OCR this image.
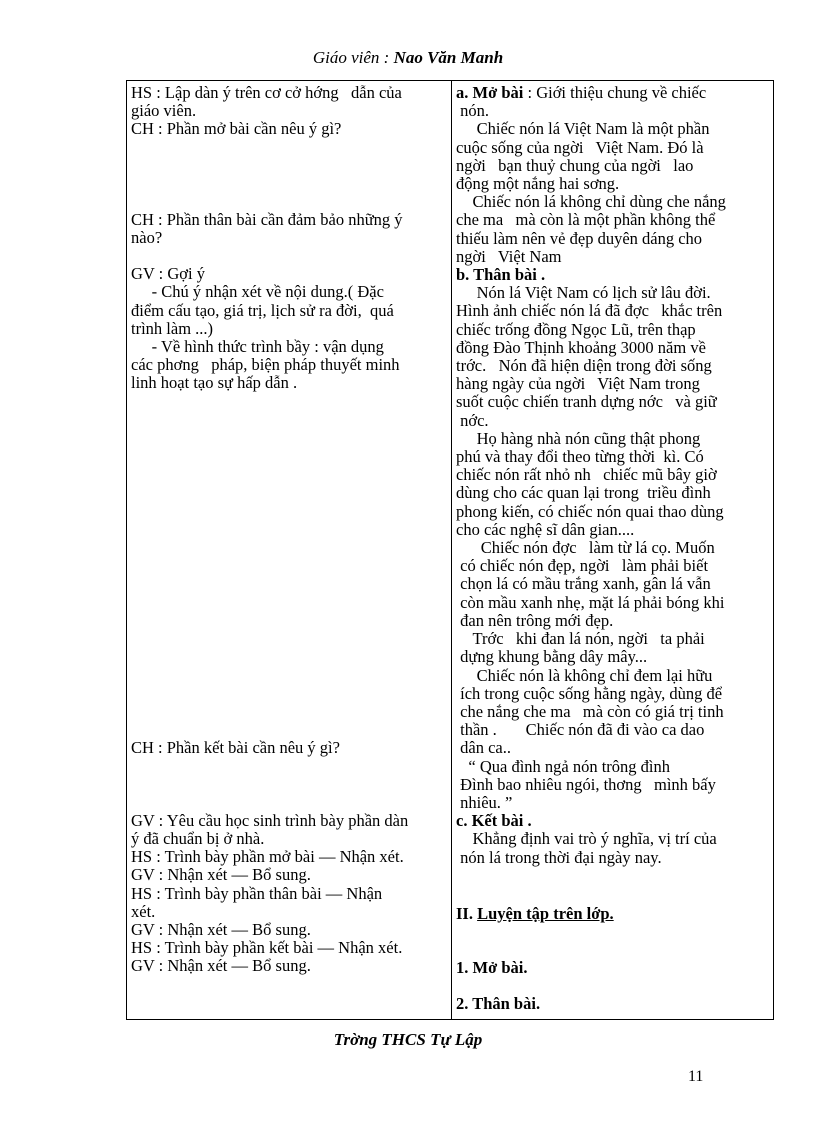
Giáo viên : Nao Văn Manh

HS : Lập dàn ý trên cơ cở hớng   dẫn của
giáo viên.
CH : Phần mở bài cần nêu ý gì?

CH : Phần thân bài cần đảm bảo những ý
nào?

GV : Gợi ý
- Chú ý nhận xét về nội dung.( Đặc
điểm cấu tạo, giá trị, lịch sử ra đời,  quá
trình làm ...)
- Về hình thức trình bầy : vận dụng
các phơng   pháp, biện pháp thuyết minh
linh hoạt tạo sự hấp dẫn .

CH : Phần kết bài cần nêu ý gì?

GV : Yêu cầu học sinh trình bày phần dàn
ý đã chuẩn bị ở nhà.
HS : Trình bày phần mở bài — Nhận xét.
GV : Nhận xét — Bổ sung.
HS : Trình bày phần thân bài — Nhận
xét.
GV : Nhận xét — Bổ sung.
HS : Trình bày phần kết bài — Nhận xét.
GV : Nhận xét — Bổ sung.

a. Mở bài : Giới thiệu chung về chiếc
nón.

Chiếc nón lá Việt Nam là một phần
cuộc sống của ngời   Việt Nam. Đó là
ngời   bạn thuỷ chung của ngời   lao
động một nắng hai sơng.
Chiếc nón lá không chỉ dùng che nắng
che ma   mà còn là một phần không thể
thiếu làm nên vẻ đẹp duyên dáng cho
ngời   Việt Nam

b. Thân bài .

Nón lá Việt Nam có lịch sử lâu đời.
Hình ảnh chiếc nón lá đã đợc   khắc trên
chiếc trống đồng Ngọc Lũ, trên thạp
đồng Đào Thịnh khoảng 3000 năm về
trớc.   Nón đã hiện diện trong đời sống
hàng ngày của ngời   Việt Nam trong
suốt cuộc chiến tranh dựng nớc   và giữ
nớc.
Họ hàng nhà nón cũng thật phong
phú và thay đổi theo từng thời  kì. Có
chiếc nón rất nhỏ nh   chiếc mũ bây giờ
dùng cho các quan lại trong  triều đình
phong kiến, có chiếc nón quai thao dùng
cho các nghệ sĩ dân gian....
Chiếc nón đợc   làm từ lá cọ. Muốn
có chiếc nón đẹp, ngời   làm phải biết
chọn lá có mầu trắng xanh, gân lá vẫn
còn mầu xanh nhẹ, mặt lá phải bóng khi
đan nên trông mới đẹp.
Trớc   khi đan lá nón, ngời   ta phải
dựng khung bằng dây mây...
Chiếc nón là không chỉ đem lại hữu
ích trong cuộc sống hằng ngày, dùng để
che nắng che ma   mà còn có giá trị tinh
thần .       Chiếc nón đã đi vào ca dao
dân ca..
“ Qua đình ngả nón trông đình
Đình bao nhiêu ngói, thơng   mình bấy
nhiêu. ”

c. Kết bài .

Khẳng định vai trò ý nghĩa, vị trí của
nón lá trong thời đại ngày nay.

II. Luyện tập trên lớp.

1. Mở bài.

2. Thân bài.

Trờng THCS Tự Lập
11
